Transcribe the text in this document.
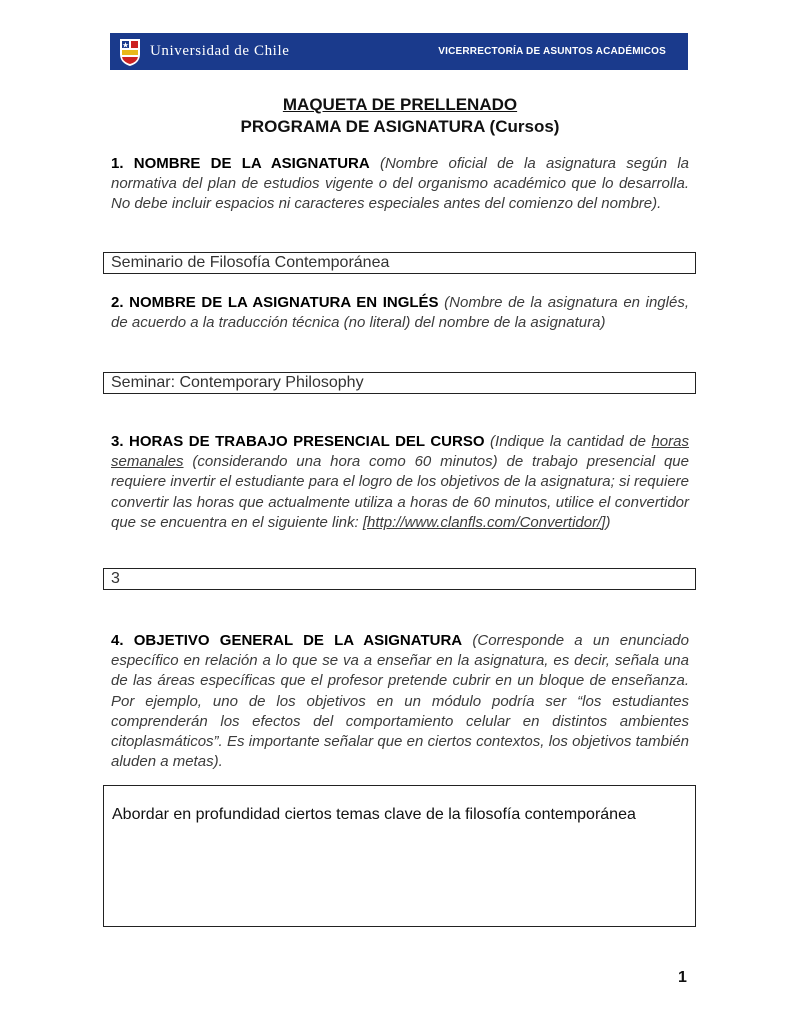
Universidad de Chile	VICERRECTORÍA DE ASUNTOS ACADÉMICOS
MAQUETA DE PRELLENADO
PROGRAMA DE ASIGNATURA (Cursos)
1. NOMBRE DE LA ASIGNATURA (Nombre oficial de la asignatura según la normativa del plan de estudios vigente o del organismo académico que lo desarrolla. No debe incluir espacios ni caracteres especiales antes del comienzo del nombre).
Seminario de Filosofía Contemporánea
2. NOMBRE DE LA ASIGNATURA EN INGLÉS (Nombre de la asignatura en inglés, de acuerdo a la traducción técnica (no literal) del nombre de la asignatura)
Seminar: Contemporary Philosophy
3. HORAS DE TRABAJO PRESENCIAL DEL CURSO (Indique la cantidad de horas semanales (considerando una hora como 60 minutos) de trabajo presencial que requiere invertir el estudiante para el logro de los objetivos de la asignatura; si requiere convertir las horas que actualmente utiliza a horas de 60 minutos, utilice el convertidor que se encuentra en el siguiente link: [http://www.clanfls.com/Convertidor/])
3
4. OBJETIVO GENERAL DE LA ASIGNATURA (Corresponde a un enunciado específico en relación a lo que se va a enseñar en la asignatura, es decir, señala una de las áreas específicas que el profesor pretende cubrir en un bloque de enseñanza. Por ejemplo, uno de los objetivos en un módulo podría ser “los estudiantes comprenderán los efectos del comportamiento celular en distintos ambientes citoplasmáticos”. Es importante señalar que en ciertos contextos, los objetivos también aluden a metas).
Abordar en profundidad ciertos temas clave de la filosofía contemporánea
1
